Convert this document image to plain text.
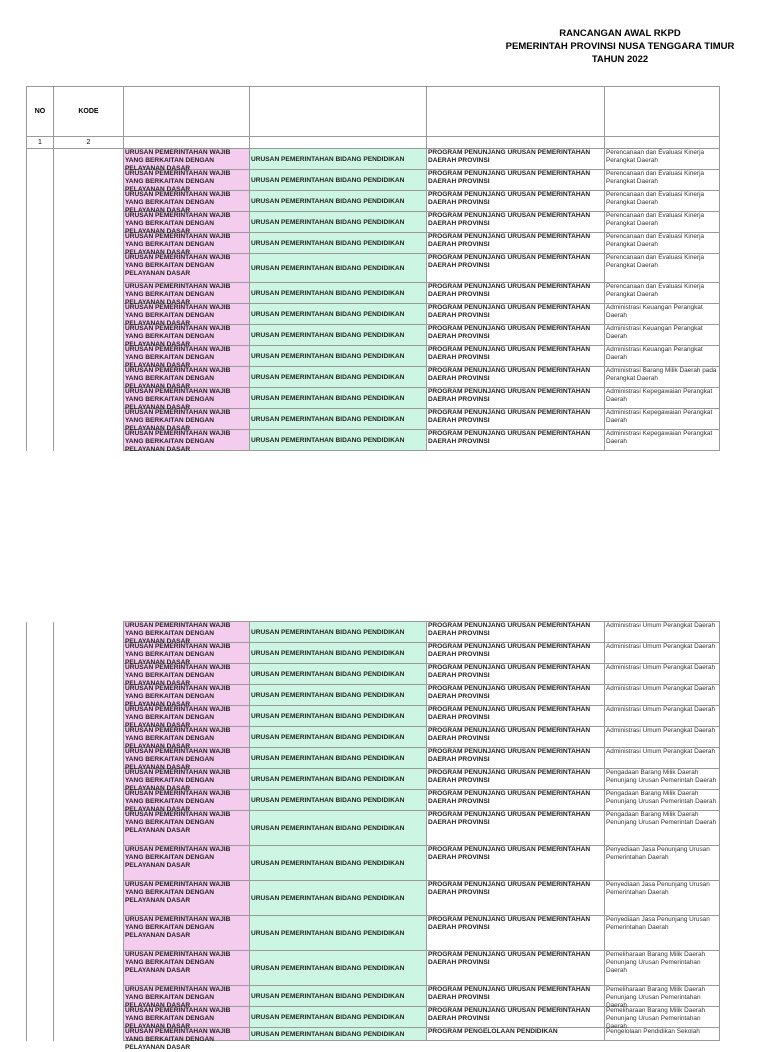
RANCANGAN AWAL RKPD
PEMERINTAH PROVINSI NUSA TENGGARA TIMUR
TAHUN 2022
NO	KODE				
1	2				

		URUSAN PEMERINTAHAN WAJIB YANG BERKAITAN DENGAN PELAYANAN DASAR	URUSAN PEMERINTAHAN BIDANG PENDIDIKAN	PROGRAM PENUNJANG URUSAN PEMERINTAHAN DAERAH PROVINSI	Perencanaan dan Evaluasi Kinerja Perangkat Daerah

		URUSAN PEMERINTAHAN WAJIB YANG BERKAITAN DENGAN PELAYANAN DASAR	URUSAN PEMERINTAHAN BIDANG PENDIDIKAN	PROGRAM PENUNJANG URUSAN PEMERINTAHAN DAERAH PROVINSI	Perencanaan dan Evaluasi Kinerja Perangkat Daerah

		URUSAN PEMERINTAHAN WAJIB YANG BERKAITAN DENGAN PELAYANAN DASAR	URUSAN PEMERINTAHAN BIDANG PENDIDIKAN	PROGRAM PENUNJANG URUSAN PEMERINTAHAN DAERAH PROVINSI	Perencanaan dan Evaluasi Kinerja Perangkat Daerah

		URUSAN PEMERINTAHAN WAJIB YANG BERKAITAN DENGAN PELAYANAN DASAR	URUSAN PEMERINTAHAN BIDANG PENDIDIKAN	PROGRAM PENUNJANG URUSAN PEMERINTAHAN DAERAH PROVINSI	Perencanaan dan Evaluasi Kinerja Perangkat Daerah

		URUSAN PEMERINTAHAN WAJIB YANG BERKAITAN DENGAN PELAYANAN DASAR	URUSAN PEMERINTAHAN BIDANG PENDIDIKAN	PROGRAM PENUNJANG URUSAN PEMERINTAHAN DAERAH PROVINSI	Perencanaan dan Evaluasi Kinerja Perangkat Daerah

		URUSAN PEMERINTAHAN WAJIB YANG BERKAITAN DENGAN PELAYANAN DASAR	URUSAN PEMERINTAHAN BIDANG PENDIDIKAN	PROGRAM PENUNJANG URUSAN PEMERINTAHAN DAERAH PROVINSI	Perencanaan dan Evaluasi Kinerja Perangkat Daerah

		URUSAN PEMERINTAHAN WAJIB YANG BERKAITAN DENGAN PELAYANAN DASAR	URUSAN PEMERINTAHAN BIDANG PENDIDIKAN	PROGRAM PENUNJANG URUSAN PEMERINTAHAN DAERAH PROVINSI	Perencanaan dan Evaluasi Kinerja Perangkat Daerah

		URUSAN PEMERINTAHAN WAJIB YANG BERKAITAN DENGAN PELAYANAN DASAR	URUSAN PEMERINTAHAN BIDANG PENDIDIKAN	PROGRAM PENUNJANG URUSAN PEMERINTAHAN DAERAH PROVINSI	Administrasi Keuangan Perangkat Daerah

		URUSAN PEMERINTAHAN WAJIB YANG BERKAITAN DENGAN PELAYANAN DASAR	URUSAN PEMERINTAHAN BIDANG PENDIDIKAN	PROGRAM PENUNJANG URUSAN PEMERINTAHAN DAERAH PROVINSI	Administrasi Keuangan Perangkat Daerah

		URUSAN PEMERINTAHAN WAJIB YANG BERKAITAN DENGAN PELAYANAN DASAR	URUSAN PEMERINTAHAN BIDANG PENDIDIKAN	PROGRAM PENUNJANG URUSAN PEMERINTAHAN DAERAH PROVINSI	Administrasi Keuangan Perangkat Daerah

		URUSAN PEMERINTAHAN WAJIB YANG BERKAITAN DENGAN PELAYANAN DASAR	URUSAN PEMERINTAHAN BIDANG PENDIDIKAN	PROGRAM PENUNJANG URUSAN PEMERINTAHAN DAERAH PROVINSI	Administrasi Barang Milik Daerah pada Perangkat Daerah

		URUSAN PEMERINTAHAN WAJIB YANG BERKAITAN DENGAN PELAYANAN DASAR	URUSAN PEMERINTAHAN BIDANG PENDIDIKAN	PROGRAM PENUNJANG URUSAN PEMERINTAHAN DAERAH PROVINSI	Administrasi Kepegawaian Perangkat Daerah

		URUSAN PEMERINTAHAN WAJIB YANG BERKAITAN DENGAN PELAYANAN DASAR	URUSAN PEMERINTAHAN BIDANG PENDIDIKAN	PROGRAM PENUNJANG URUSAN PEMERINTAHAN DAERAH PROVINSI	Administrasi Kepegawaian Perangkat Daerah

		URUSAN PEMERINTAHAN WAJIB YANG BERKAITAN DENGAN PELAYANAN DASAR	URUSAN PEMERINTAHAN BIDANG PENDIDIKAN	PROGRAM PENUNJANG URUSAN PEMERINTAHAN DAERAH PROVINSI	Administrasi Kepegawaian Perangkat Daerah

		URUSAN PEMERINTAHAN WAJIB YANG BERKAITAN DENGAN PELAYANAN DASAR	URUSAN PEMERINTAHAN BIDANG PENDIDIKAN	PROGRAM PENUNJANG URUSAN PEMERINTAHAN DAERAH PROVINSI	Administrasi Umum Perangkat Daerah

		URUSAN PEMERINTAHAN WAJIB YANG BERKAITAN DENGAN PELAYANAN DASAR	URUSAN PEMERINTAHAN BIDANG PENDIDIKAN	PROGRAM PENUNJANG URUSAN PEMERINTAHAN DAERAH PROVINSI	Administrasi Umum Perangkat Daerah

		URUSAN PEMERINTAHAN WAJIB YANG BERKAITAN DENGAN PELAYANAN DASAR	URUSAN PEMERINTAHAN BIDANG PENDIDIKAN	PROGRAM PENUNJANG URUSAN PEMERINTAHAN DAERAH PROVINSI	Administrasi Umum Perangkat Daerah

		URUSAN PEMERINTAHAN WAJIB YANG BERKAITAN DENGAN PELAYANAN DASAR	URUSAN PEMERINTAHAN BIDANG PENDIDIKAN	PROGRAM PENUNJANG URUSAN PEMERINTAHAN DAERAH PROVINSI	Administrasi Umum Perangkat Daerah

		URUSAN PEMERINTAHAN WAJIB YANG BERKAITAN DENGAN PELAYANAN DASAR	URUSAN PEMERINTAHAN BIDANG PENDIDIKAN	PROGRAM PENUNJANG URUSAN PEMERINTAHAN DAERAH PROVINSI	Administrasi Umum Perangkat Daerah

		URUSAN PEMERINTAHAN WAJIB YANG BERKAITAN DENGAN PELAYANAN DASAR	URUSAN PEMERINTAHAN BIDANG PENDIDIKAN	PROGRAM PENUNJANG URUSAN PEMERINTAHAN DAERAH PROVINSI	Administrasi Umum Perangkat Daerah

		URUSAN PEMERINTAHAN WAJIB YANG BERKAITAN DENGAN PELAYANAN DASAR	URUSAN PEMERINTAHAN BIDANG PENDIDIKAN	PROGRAM PENUNJANG URUSAN PEMERINTAHAN DAERAH PROVINSI	Administrasi Umum Perangkat Daerah

		URUSAN PEMERINTAHAN WAJIB YANG BERKAITAN DENGAN PELAYANAN DASAR	URUSAN PEMERINTAHAN BIDANG PENDIDIKAN	PROGRAM PENUNJANG URUSAN PEMERINTAHAN DAERAH PROVINSI	Pengadaan Barang Milik Daerah Penunjang Urusan Pemerintah Daerah

		URUSAN PEMERINTAHAN WAJIB YANG BERKAITAN DENGAN PELAYANAN DASAR	URUSAN PEMERINTAHAN BIDANG PENDIDIKAN	PROGRAM PENUNJANG URUSAN PEMERINTAHAN DAERAH PROVINSI	Pengadaan Barang Milik Daerah Penunjang Urusan Pemerintah Daerah

		URUSAN PEMERINTAHAN WAJIB YANG BERKAITAN DENGAN PELAYANAN DASAR	URUSAN PEMERINTAHAN BIDANG PENDIDIKAN	PROGRAM PENUNJANG URUSAN PEMERINTAHAN DAERAH PROVINSI	Pengadaan Barang Milik Daerah Penunjang Urusan Pemerintah Daerah

		URUSAN PEMERINTAHAN WAJIB YANG BERKAITAN DENGAN PELAYANAN DASAR	URUSAN PEMERINTAHAN BIDANG PENDIDIKAN	PROGRAM PENUNJANG URUSAN PEMERINTAHAN DAERAH PROVINSI	Penyediaan Jasa Penunjang Urusan Pemerintahan Daerah

		URUSAN PEMERINTAHAN WAJIB YANG BERKAITAN DENGAN PELAYANAN DASAR	URUSAN PEMERINTAHAN BIDANG PENDIDIKAN	PROGRAM PENUNJANG URUSAN PEMERINTAHAN DAERAH PROVINSI	Penyediaan Jasa Penunjang Urusan Pemerintahan Daerah

		URUSAN PEMERINTAHAN WAJIB YANG BERKAITAN DENGAN PELAYANAN DASAR	URUSAN PEMERINTAHAN BIDANG PENDIDIKAN	PROGRAM PENUNJANG URUSAN PEMERINTAHAN DAERAH PROVINSI	Penyediaan Jasa Penunjang Urusan Pemerintahan Daerah

		URUSAN PEMERINTAHAN WAJIB YANG BERKAITAN DENGAN PELAYANAN DASAR	URUSAN PEMERINTAHAN BIDANG PENDIDIKAN	PROGRAM PENUNJANG URUSAN PEMERINTAHAN DAERAH PROVINSI	Pemeliharaan Barang Milik Daerah Penunjang Urusan Pemerintahan Daerah

		URUSAN PEMERINTAHAN WAJIB YANG BERKAITAN DENGAN PELAYANAN DASAR	URUSAN PEMERINTAHAN BIDANG PENDIDIKAN	PROGRAM PENUNJANG URUSAN PEMERINTAHAN DAERAH PROVINSI	Pemeliharaan Barang Milik Daerah Penunjang Urusan Pemerintahan Daerah

		URUSAN PEMERINTAHAN WAJIB YANG BERKAITAN DENGAN PELAYANAN DASAR	URUSAN PEMERINTAHAN BIDANG PENDIDIKAN	PROGRAM PENUNJANG URUSAN PEMERINTAHAN DAERAH PROVINSI	Pemeliharaan Barang Milik Daerah Penunjang Urusan Pemerintahan Daerah

		URUSAN PEMERINTAHAN WAJIB YANG BERKAITAN DENGAN PELAYANAN DASAR	URUSAN PEMERINTAHAN BIDANG PENDIDIKAN	PROGRAM PENGELOLAAN PENDIDIKAN	Pengelolaan Pendidikan Sekolah
